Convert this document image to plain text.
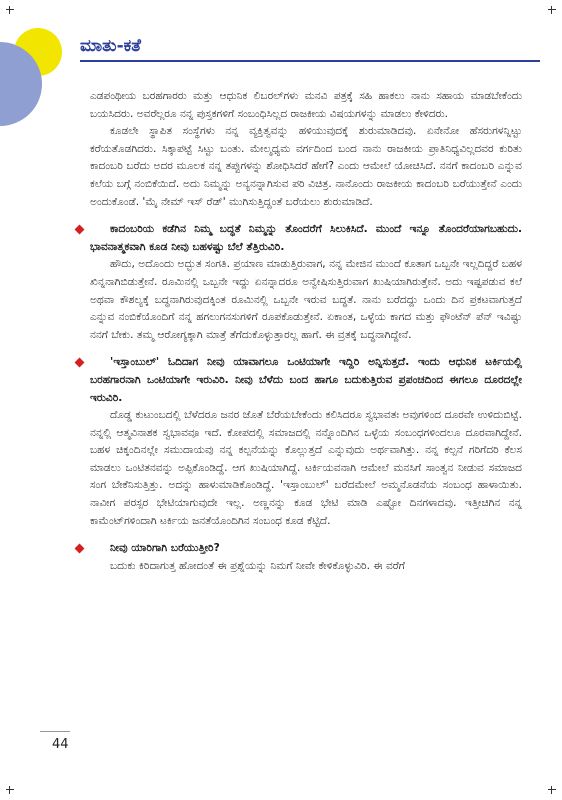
ಮಾತು-ಕತೆ

ಎಡಪಂಥೀಯ ಬರಹಗಾರರು ಮತ್ತು ಆಧುನಿಕ ಲಿಬರಲ್‌ಗಳು ಮನವಿ ಪತ್ರಕ್ಕೆ ಸಹಿ ಹಾಕಲು ನಾನು ಸಹಾಯ ಮಾಡಬೇಕೆಂದು ಬಯಸಿದರು. ಅವರೆಲ್ಲರೂ ನನ್ನ ಪುಸ್ತಕಗಳಿಗೆ ಸಂಬಂಧಿಸಿಲ್ಲದ ರಾಜಕೀಯ ವಿಷಯಗಳನ್ನು ಮಾಡಲು ಕೇಳಿದರು.

ಕೂಡಲೇ ಸ್ಥಾಪಿತ ಸಂಸ್ಥೆಗಳು ನನ್ನ ವ್ಯಕ್ತಿತ್ವವನ್ನು ಹಳಿಯುವುದಕ್ಕೆ ಶುರುಮಾಡಿದವು. ಏನೇನೋ ಹೆಸರುಗಳನ್ನಿಟ್ಟು ಕರೆಯತೊಡಗಿದರು. ಸಿಕ್ಕಾಪಟ್ಟೆ ಸಿಟ್ಟು ಬಂತು. ಮೇಲ್ಮಧ್ಯಮ ವರ್ಗದಿಂದ ಬಂದ ನಾನು ರಾಜಕೀಯ ಪ್ರಾತಿನಿಧ್ಯವಿಲ್ಲದವರ ಕುರಿತು ಕಾದಂಬರಿ ಬರೆದು ಅದರ ಮೂಲಕ ನನ್ನ ತಪ್ಪುಗಳನ್ನು ಶೋಧಿಸಿದರೆ ಹೇಗೆ? ಎಂದು ಆಮೇಲೆ ಯೋಚಿಸಿದೆ. ನನಗೆ ಕಾದಂಬರಿ ಎನ್ನುವ ಕಲೆಯ ಬಗ್ಗೆ ನಂಬಿಕೆಯಿದೆ. ಅದು ನಿಮ್ಮನ್ನು ಅನ್ಯನನ್ನಾಗಿಸುವ ಪರಿ ವಿಚಿತ್ರ. ನಾನೊಂದು ರಾಜಕೀಯ ಕಾದಂಬರಿ ಬರೆಯುತ್ತೇನೆ ಎಂದು ಅಂದುಕೊಂಡೆ. 'ಮೈ ನೇಮ್ ಇಸ್ ರೆಡ್' ಮುಗಿಸುತ್ತಿದ್ದಂತೆ ಬರೆಯಲು ಶುರುಮಾಡಿದೆ.

ಕಾದಂಬರಿಯ ಕಡೆಗಿನ ನಿಮ್ಮ ಬದ್ಧತೆ ನಿಮ್ಮನ್ನು ತೊಂದರೆಗೆ ಸಿಲುಕಿಸಿದೆ. ಮುಂದೆ ಇನ್ನೂ ತೊಂದರೆಯಾಗಬಹುದು. ಭಾವನಾತ್ಮಕವಾಗಿ ಕೂಡ ನೀವು ಬಹಳಷ್ಟು ಬೆಲೆ ತೆತ್ತಿರುವಿರಿ.

ಹೌದು, ಅದೊಂದು ಅದ್ಭುತ ಸಂಗತಿ. ಪ್ರಯಾಣ ಮಾಡುತ್ತಿರುವಾಗ, ನನ್ನ ಮೇಜಿನ ಮುಂದೆ ಕೂತಾಗ ಒಬ್ಬನೇ ಇಲ್ಲದಿದ್ದರೆ ಬಹಳ ಖಿನ್ನನಾಗಿಬಿಡುತ್ತೇನೆ. ರೂಮಿನಲ್ಲಿ ಒಬ್ಬನೇ ಇದ್ದು ಏನನ್ನಾದರೂ ಅನ್ವೇಷಿಸುತ್ತಿರುವಾಗ ಖುಷಿಯಾಗಿರುತ್ತೇನೆ. ಅದು ಇಷ್ಟಪಡುವ ಕಲೆ ಅಥವಾ ಕೌಶಲ್ಯಕ್ಕೆ ಬದ್ಧನಾಗಿರುವುದಕ್ಕಿಂತ ರೂಮಿನಲ್ಲಿ ಒಬ್ಬನೇ ಇರುವ ಬದ್ಧತೆ. ನಾನು ಬರೆದದ್ದು ಒಂದು ದಿನ ಪ್ರಕಟವಾಗುತ್ತದೆ ಎನ್ನುವ ನಂಬಿಕೆಯೊಂದಿಗೆ ನನ್ನ ಹಗಲುಗನಸುಗಳಿಗೆ ರೂಪಕೊಡುತ್ತೇನೆ. ಏಕಾಂತ, ಒಳ್ಳೆಯ ಕಾಗದ ಮತ್ತು ಫೌಂಟೆನ್ ಪೆನ್ ಇವಿಷ್ಟು ನನಗೆ ಬೇಕು. ತಮ್ಮ ಆರೋಗ್ಯಕ್ಕಾಗಿ ಮಾತ್ರೆ ತೆಗೆದುಕೊಳ್ಳುತ್ತಾರಲ್ಲ ಹಾಗೆ. ಈ ವ್ರತಕ್ಕೆ ಬದ್ಧನಾಗಿದ್ದೇನೆ.

'ಇಸ್ತಾಂಬುಲ್' ಓದಿದಾಗ ನೀವು ಯಾವಾಗಲೂ ಒಂಟಿಯಾಗೇ ಇದ್ದಿರಿ ಅನ್ನಿಸುತ್ತದೆ. ಇಂದು ಆಧುನಿಕ ಟರ್ಕಿಯಲ್ಲಿ ಬರಹಗಾರನಾಗಿ ಒಂಟಿಯಾಗೇ ಇರುವಿರಿ. ನೀವು ಬೆಳೆದು ಬಂದ ಹಾಗೂ ಬದುಕುತ್ತಿರುವ ಪ್ರಪಂಚದಿಂದ ಈಗಲೂ ದೂರದಲ್ಲೇ ಇರುವಿರಿ.

ದೊಡ್ಡ ಕುಟುಂಬದಲ್ಲಿ ಬೆಳೆದರೂ ಜನರ ಜೊತೆ ಬೆರೆಯಬೇಕೆಂದು ಕಲಿಸಿದರೂ ಸ್ವಭಾವತಃ ಅವುಗಳಿಂದ ದೂರವೇ ಉಳಿದುಬಿಟ್ಟೆ. ನನ್ನಲ್ಲಿ ಆತ್ಮವಿನಾಶಕ ಸ್ವಭಾವವೂ ಇದೆ. ಕೋಪದಲ್ಲಿ ಸಮಾಜದಲ್ಲಿ ನನ್ನೊಂದಿಗಿನ ಒಳ್ಳೆಯ ಸಂಬಂಧಗಳಿಂದಲೂ ದೂರವಾಗಿದ್ದೇನೆ. ಬಹಳ ಚಿಕ್ಕಂದಿನಲ್ಲೇ ಸಮುದಾಯವು ನನ್ನ ಕಲ್ಪನೆಯನ್ನು ಕೊಲ್ಲುತ್ತದೆ ಎನ್ನುವುದು ಅರ್ಥವಾಗಿತ್ತು. ನನ್ನ ಕಲ್ಪನೆ ಗರಿಗೆದರಿ ಕೆಲಸ ಮಾಡಲು ಒಂಟಿತನವನ್ನು ಅಪ್ಪಿಕೊಂಡಿದ್ದೆ. ಆಗ ಖುಷಿಯಾಗಿದ್ದೆ. ಟರ್ಕಿಯವನಾಗಿ ಆಮೇಲೆ ಮನಸಿಗೆ ಸಾಂತ್ವನ ನೀಡುವ ಸಮಾಜದ ಸಂಗ ಬೇಕೆನಿಸುತ್ತಿತ್ತು. ಅದನ್ನು ಹಾಳುಮಾಡಿಕೊಂಡಿದ್ದೆ. 'ಇಸ್ತಾಂಬುಲ್' ಬರೆದಮೇಲೆ ಅಮ್ಮನೊಡನೆಯ ಸಂಬಂಧ ಹಾಳಾಯಿತು. ನಾವೀಗ ಪರಸ್ಪರ ಭೇಟಿಯಾಗುವುದೇ ಇಲ್ಲ. ಅಣ್ಣನನ್ನು ಕೂಡ ಭೇಟಿ ಮಾಡಿ ಎಷ್ಟೋ ದಿನಗಳಾದವು. ಇತ್ತೀಚಿಗಿನ ನನ್ನ ಕಾಮೆಂಟ್‌ಗಳಿಂದಾಗಿ ಟರ್ಕಿಯ ಜನತೆಯೊಂದಿಗಿನ ಸಂಬಂಧ ಕೂಡ ಕೆಟ್ಟಿದೆ.

ನೀವು ಯಾರಿಗಾಗಿ ಬರೆಯುತ್ತೀರಿ?

ಬದುಕು ಕಿರಿದಾಗುತ್ತ ಹೋದಂತೆ ಈ ಪ್ರಶ್ನೆಯನ್ನು ನಿಮಗೆ ನೀವೇ ಕೇಳಿಕೊಳ್ಳುವಿರಿ. ಈ ವರೆಗೆ

44
